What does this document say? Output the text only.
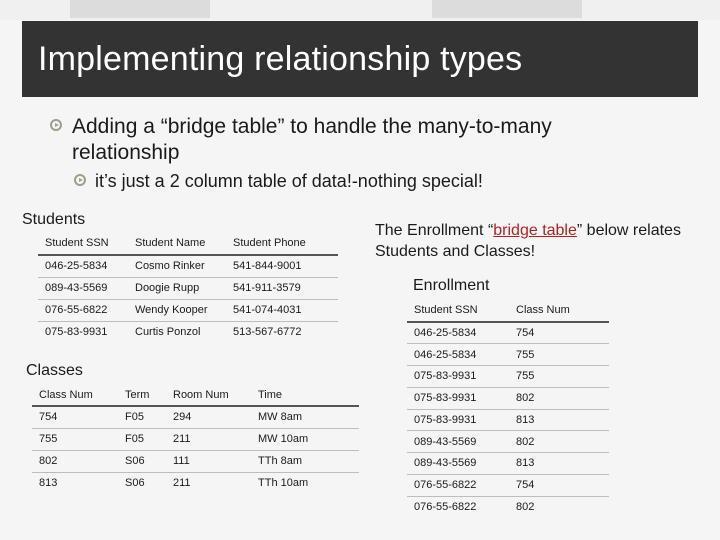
Implementing relationship types
Adding a “bridge table” to handle the many-to-many relationship
it’s just a 2 column table of data!-nothing special!
Students
Student SSN	Student Name	Student Phone
046-25-5834	Cosmo Rinker	541-844-9001
089-43-5569	Doogie Rupp	541-911-3579
076-55-6822	Wendy Kooper	541-074-4031
075-83-9931	Curtis Ponzol	513-567-6772
Classes
Class Num	Term	Room Num	Time
754	F05	294	MW 8am
755	F05	211	MW 10am
802	S06	111	TTh 8am
813	S06	211	TTh 10am
The Enrollment “bridge table” below relates Students and Classes!
Enrollment
Student SSN	Class Num
046-25-5834	754
046-25-5834	755
075-83-9931	755
075-83-9931	802
075-83-9931	813
089-43-5569	802
089-43-5569	813
076-55-6822	754
076-55-6822	802
